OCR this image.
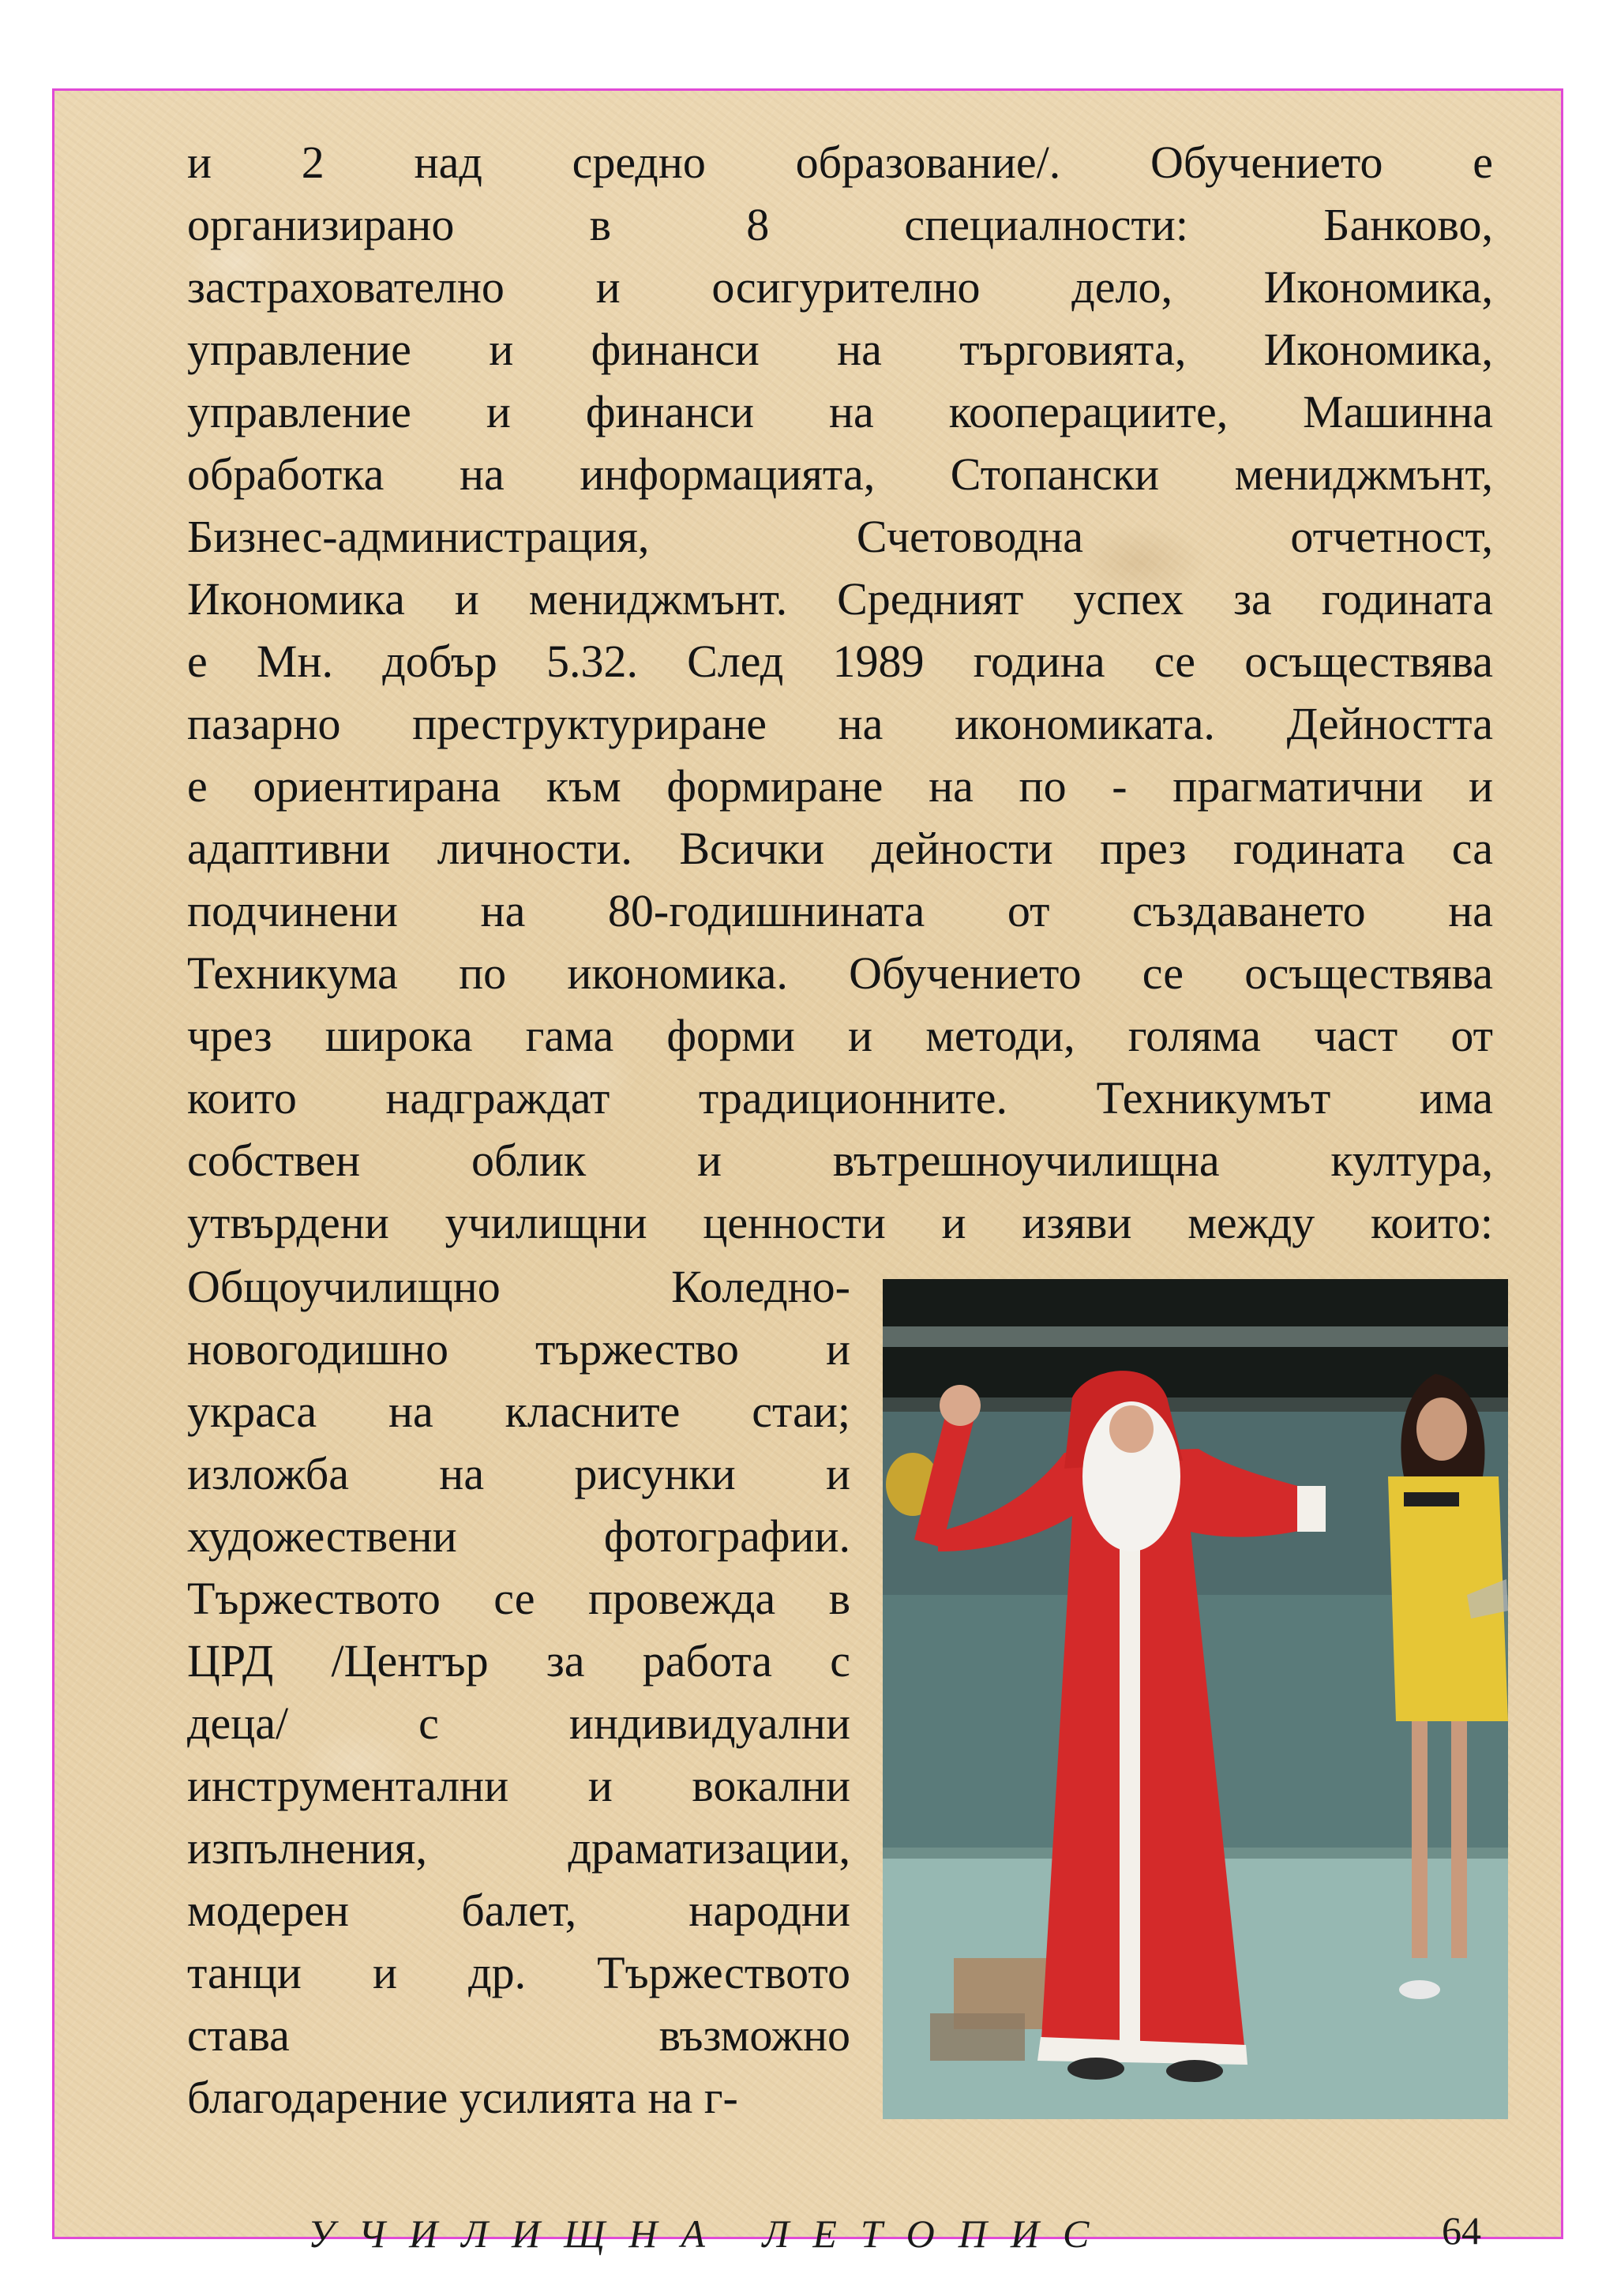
и 2 над средно образование/. Обучението е
организирано в 8 специалности: Банково,
застрахователно и осигурително дело, Икономика,
управление и финанси на търговията, Икономика,
управление и финанси на кооперациите, Машинна
обработка на информацията, Стопански мениджмънт,
Бизнес-администрация, Счетоводна отчетност,
Икономика и мениджмънт. Средният успех за годината
е Мн. добър 5.32. След 1989 година се осъществява
пазарно преструктуриране на икономиката. Дейността
е ориентирана към формиране на по - прагматични и
адаптивни личности. Всички дейности през годината са
подчинени на 80-годишнината от създаването на
Техникума по икономика. Обучението се осъществява
чрез широка гама форми и методи, голяма част от
които надграждат традиционните. Техникумът има
собствен облик и вътрешноучилищна култура,
утвърдени училищни ценности и изяви между които:
Общоучилищно Коледно-
новогодишно тържество и
украса на класните стаи;
изложба на рисунки и
художествени фотографии.
Тържеството се провежда в
ЦРД /Център за работа с
деца/ с индивидуални
инструментални и вокални
изпълнения, драматизации,
модерен балет, народни
танци и др. Тържеството
става възможно
благодарение усилията на г-
УЧИЛИЩНА ЛЕТОПИС	64
